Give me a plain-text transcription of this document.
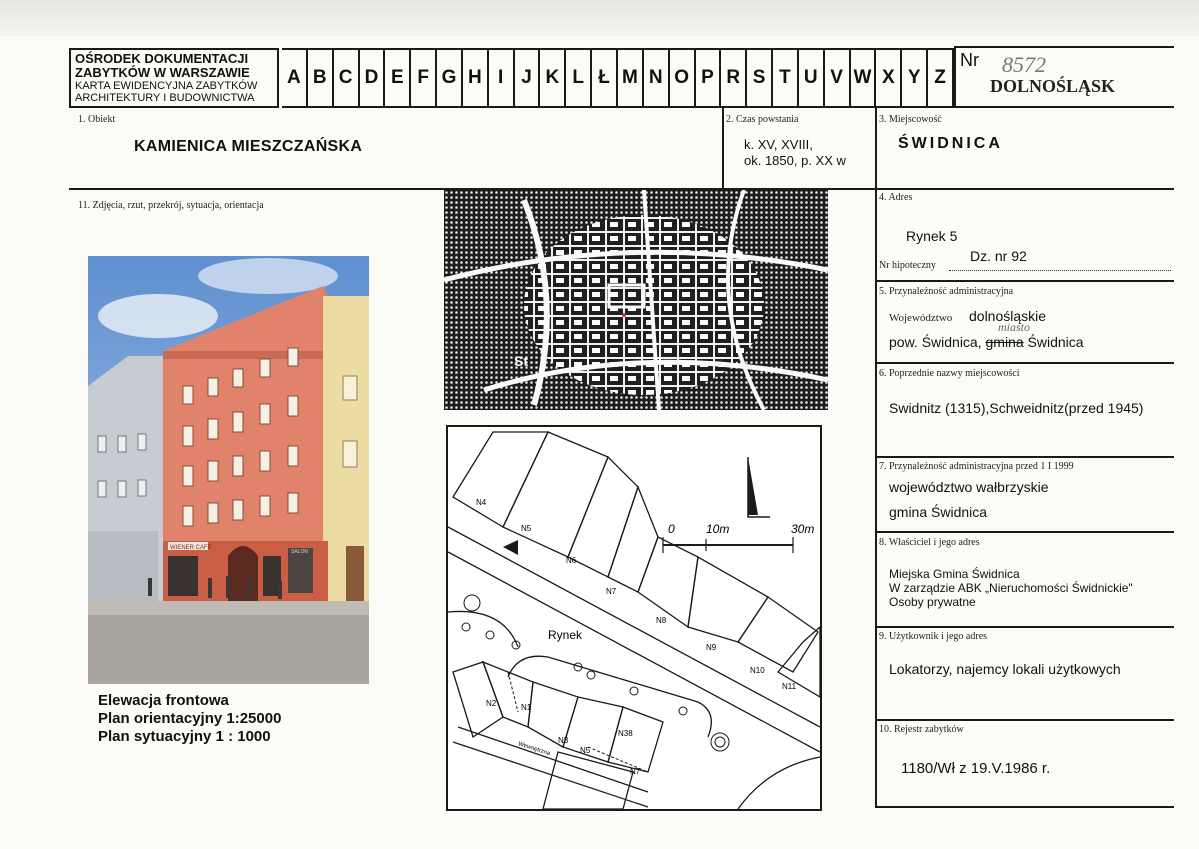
OŚRODEK DOKUMENTACJI
ZABYTKÓW W WARSZAWIE
KARTA EWIDENCYJNA ZABYTKÓW
ARCHITEKTURY I BUDOWNICTWA
A B C D E F G H I J K L Ł M N O P R S T U V W X Y Z
Nr 8572
DOLNOŚLĄSK
1. Obiekt
KAMIENICA MIESZCZAŃSKA
2. Czas powstania
k. XV, XVIII,
ok. 1850, p. XX w
3. Miejscowość
ŚWIDNICA
11. Zdjęcia, rzut, przekrój, sytuacja, orientacja
WIENER CAFE
SALON
Elewacja frontowa
Plan orientacyjny 1:25000
Plan sytuacyjny 1 : 1000
St
0	10m	30m
Rynek
Wewnętrzna
N4
N5
N6
N7
N8
N9
N10
N11
N2	N1
N3
N5
N38
N7
4. Adres
Rynek 5
Nr hipoteczny
Dz. nr 92
5. Przynależność administracyjna
Województwo dolnośląskie
miasto
pow. Świdnica, gmina Świdnica
6. Poprzednie nazwy miejscowości
Swidnitz (1315),Schweidnitz(przed 1945)
7. Przynależność administracyjna przed 1 I 1999
województwo wałbrzyskie
gmina Świdnica
8. Właściciel i jego adres
Miejska Gmina Świdnica
W zarządzie ABK „Nieruchomości Świdnickie"
Osoby prywatne
9. Użytkownik i jego adres
Lokatorzy, najemcy lokali użytkowych
10. Rejestr zabytków
1180/Wł z 19.V.1986 r.
